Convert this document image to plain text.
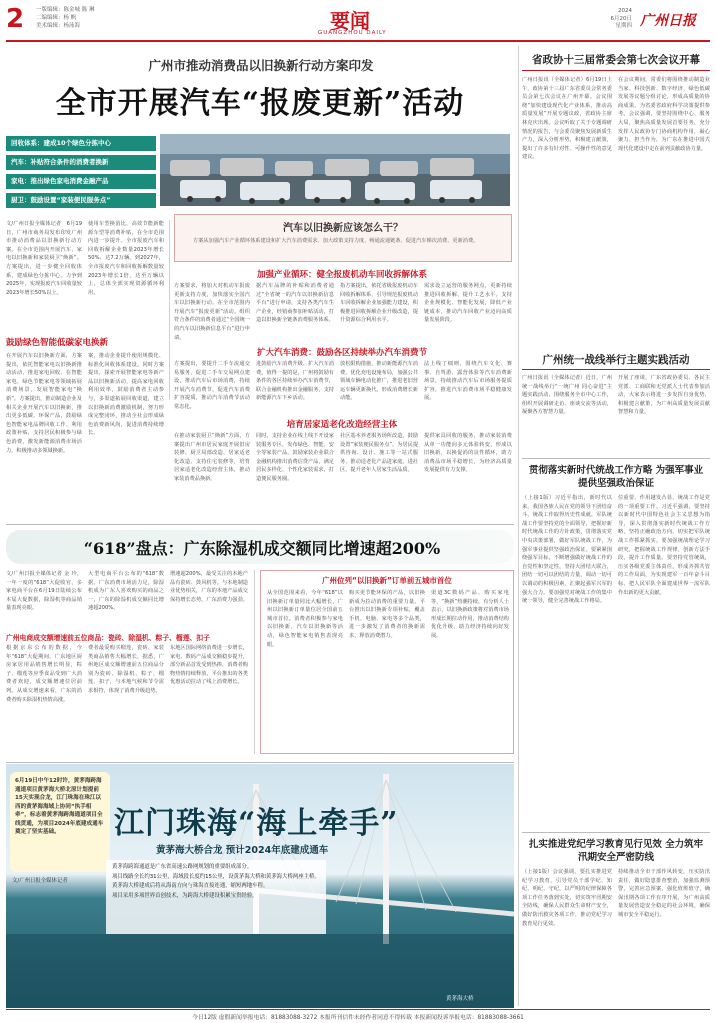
2 一版编辑：陈金城 陈 琳
二编编辑：杨 帆
美术编辑：杨泳海	要闻
GUANGZHOU DAILY
2024
6月20日
星期四 广州日报
广州市推动消费品以旧换新行动方案印发
全市开展汽车“报废更新”活动
回收体系：建成10个绿色分拣中心
汽车：补贴符合条件的消费者换新
家电：推出绿色家电消费金融产品
厨卫：鼓励设置“家装便民服务点”
文/广州日报全媒体记者　6月19日，广州市商务局发布印发广州市推动消费品以旧换新行动方案。在全市范围内开展汽车、家电以旧换新和家装厨卫“焕新”。方案提出，进一步健全回收体系，建成绿色分拣中心。力争到2025年，实现报废汽车回收量较2023年增长50%以上。
使用车型换消比，高效节能新能源车型等消费补贴，在全市范围内进一步提升。全市报废汽车和回收拆解企业数量2023年增长50%、达7.2万辆。到2027年，全市报废汽车和回收拆解数量较2023年增长1倍，达至万辆以上，总体全部实现资源循环利用。
鼓励绿色智能低碳家电换新
在开展汽车以旧换新方面，方案提出，依托智能家电以旧换新推动活动，推进家电回收、在智能家电、绿色节能家电等领域拓展消费场景，发展智能家电“换新”。方案提出，推动制造企业及相关企业开展汽车以旧换新，推出更多低碳、环保产品，鼓励绿色智能家电品牌回收工作、利用政策补贴，支持居民积极参与绿色消费，激发新能源消费市场活力，积极推动多领域换新。
案，推动企业提升使用规模化、标准化回收体系建设。同时方案提出，探索开展智能家电等新产品以旧换新活动，提高家电回收利用效率，鼓励消费者主动参与，多渠道拓展回收渠道，建立以旧换新消费激励机制，努力形成完整闭环，推动全社会形成绿色消费新风尚，促进消费持续增长。
汽车以旧换新应该怎么干？
方案从加强汽车产业循环体系建设和扩大汽车消费需求、加大政策支持力度、畅通流通链条、促进汽车梯次消费、更新消费。
加强产业循环：健全报废机动车回收拆解体系
方案要求，将加大对机动车报废更新支持力度，加快落实全国汽车以旧换新行动。在全市范围内开展汽车“报废更新”活动。组织符合条件的消费者通过“全国统一的汽车以旧换新信息平台”进行申请。
据汽车品牌的补贴和消费者通过“全省统一的汽车以旧换新信息平台”进行申请，支持各类汽车生产企业，经销商参加补贴活动，打造以旧换新全链条消费服务体系。
指方案提出，依托省级报废机动车回收拆解体系，引导规范报废机动车回收拆解企业加强能力建设，积极推进回收拆解企业升级改造，提升资源综合利用水平。
需求设立运营的服务网点，更新持续推进回收拆解、提升工艺水平。支持企业规模化、智能化发展，降低产业链成本，推动汽车回收产业迈向高质量发展阶段。
扩大汽车消费：鼓励各区持续举办汽车消费节
方案提出，要提升二手车流通交易服务，促进二手车交易网点建设，推动汽车后市场消费，持续开展汽车消费节，促进汽车消费扩容提质，推动汽车消费节活动常态化。
进鼓励汽车消费升级、扩大汽车消费。值得一提的是，广州将鼓励有条件的各区持续举办汽车消费节，联合金融机构推出金融服务，支持新能源汽车下乡活动。
放松限购措施，推动新能源汽车消费，优化充电设施布局，加强公共领域车辆电动化推广，推进老旧营运车辆更新换代，形成消费增长新动能。
法上线了细则，围绕汽车文化、赛事、自驾游、露营体验等汽车消费新场景，持续推动汽车后市场服务提质扩容，推进汽车消费市场平稳健康发展。
培育居家适老化改造经营主体
在推动家装厨卫“焕新”方面，方案提出广州市居民家庭开展旧房装修、厨卫局部改造、居家适老化改造、支持住宅装修等，培育居家适老化改造经营主体，推动家装消费品换新。
同时，支持企业在线上线下开设家装服务专区，发布绿色、智能、安全等家装产品，鼓励家装企业联合金融机构推出消费信贷产品，满足居民多样化、个性化家装需求，打造便民服务圈。
社区基本养老服务场所改造，鼓励设置“家装便民服务点”，为居民提供咨询、设计、施工等一站式服务，推动适老化产品进家庭、进社区，提升老年人居家生活品质。
提供家具回收的服务，推动家装消费从单一功能向多元体验转变，形成以旧换新、以换促消的良性循环，助力消费品市场平稳增长，为经济高质量发展提供有力支撑。
省政协十三届常委会第七次会议开幕
广州日报讯（全媒体记者）6月19日上午，政协第十三届广东省委员会常务委员会第七次会议在广州开幕。会议围绕“加快建设现代化产业体系，推动高质量发展”开展专题议政，省政协主席林克庆出席。会议听取了关于专题调研情况的报告，与会委员聚焦发展新质生产力，深入分析形势，积极建言献策，提出了许多有针对性、可操作性的意见建议。
在会议期间，常委们将围绕推动制造业当家、科技创新、数字经济、绿色低碳发展等议题分组讨论，形成高质量的协商成果，为省委省政府科学决策提供参考。会议强调，要坚持围绕中心、服务大局，聚焦高质量发展首要任务，充分发挥人民政协专门协商机构作用，凝心聚力、担当作为，为广东在推进中国式现代化建设中走在前列贡献政协力量。
广州统一战线举行主题实践活动
广州日报讯（全媒体记者）近日，广州统一战线举行“一统广州 同心奋进”主题实践活动，围绕服务全市中心工作，组织开展调研走访、座谈交流等活动，凝聚各方智慧力量。
开展了座谈，广东省政协委员、各民主党派、工商联和无党派人士代表参加活动，大家表示将进一步发挥自身优势，积极建言献策，为广州高质量发展贡献智慧和力量。
“618”盘点：广东除湿机成交额同比增速超200%
文/广州日报全媒体记者 金 玲。一年一度的“618”大促收官，多家电商平台在6月19日陆续公布本届大促数据，除湿机等商品销量表现亮眼。
大型电商平台公布的“618”数据，广东消费市场活力足，除湿机成为广东人喜欢购买的商品之一，广东的除湿机成交额同比增速超200%。
增速超200%，最受关注的本地产品有瓷砖、鼓风机等。与本地制造业优势相关，广东的本地产品成交保持增长态势，广东消费力强劲。
广州电商成交额增速前五位商品：瓷砖、除湿机、粽子、榴莲、扣子
根据京东公布的数据，今年“618”大促期间，广东地区厨房家居用品销售增长明显，粽子、榴莲等应季食品受到广大消费者欢迎，成交额增速位居前列。从成交增速来看，广东的消费者购买除湿机热情高涨。
费者最爱购买榴莲，瓷砖、家装类商品销售大幅增长，据悉，广州地区成交额增速前五位商品分别为瓷砖、除湿机、粽子、榴莲、扣子，与本地气候和节令需求相符，体现了消费升级趋势。
东地区国际网络消费进一步增长，家电、数码产品成交额稳步提升，部分新品首发受到热捧，消费者购物热情持续释放，平台推出的各类优惠活动拉动了线上消费增长。
广州位列“以旧换新”订单前五城市首位
从全国范围来看，今年“618”以旧换新订单量同比大幅增长，广州以旧换新订单量位居全国前五城市首位。消费者积极参与家电以旧换新、汽车以旧换新等活动，绿色智能家电销售表现亮眼。
购买更节能环保的产品，以旧换新成为拉动消费的重要力量。平台推出以旧换新专项补贴，覆盖手机、电脑、家电等多个品类，进一步激发了消费者的换新需求，释放消费潜力。
渠道3C数码产品、购买家电等，“换新”热潮持续。有分析人士表示，以旧换新政策将对消费市场形成长期拉动作用，推动消费结构优化升级，助力经济持续向好发展。
贯彻落实新时代统战工作方略 为强军事业提供坚强政治保证
（上接1版）习近平指出，新时代以来，我国各族人民在党的领导下团结奋斗，统战工作取得历史性成就。军队统战工作要坚持党的全面领导，把握好新时代统战工作的方针政策，贯彻落实党中央决策部署，做好军队统战工作，为强军事业提供坚强政治保证。要紧紧围绕强军目标，不断增强做好统战工作的自觉性和坚定性，坚持大团结大联合，团结一切可以团结的力量，调动一切可以调动的积极因素，汇聚起强军兴军的强大合力。要加强党对统战工作的集中统一领导，健全完善统战工作格局。
位重要、作用越发凸显，统战工作是党的一项重要工作。习近平强调，要坚持以新时代中国特色社会主义思想为指导，深入贯彻落实新时代统战工作方略，坚持正确政治方向，切实把军队统战工作抓紧抓实。要加强统战理论学习研究，把握统战工作规律，创新方法手段，提升工作质量。要坚持党管统战，压实各级党委主体责任，形成齐抓共管的工作局面，为实现建军一百年奋斗目标、把人民军队全面建成世界一流军队作出新的更大贡献。
扎实推进党纪学习教育见行见效 全力筑牢汛期安全严密防线
（上接1版）会议强调，要扎实推进党纪学习教育，引导党员干部学纪、知纪、明纪、守纪，以严明的纪律保障各项工作任务落到实处，切实筑牢汛期安全防线，确保人民群众生命财产安全，做好防汛救灾各项工作，推动党纪学习教育见行见效。
持续推动全市干部作风转变，压实防汛责任，做好隐患排查整治，加强监测预警，完善应急预案，强化值班值守，确保汛期各项工作有序开展，为广州高质量发展营造安全稳定的社会环境，确保城市安全平稳运行。
6月19日中午12时许，黄茅海跨海通道项目黄茅海大桥北原计划提前15天实现合龙，江门珠海在珠江以西的黄茅海海域上协同“执手相牵”，标志着黄茅海跨海通道项目全线贯通，为项目2024年底建成通车奠定了坚实基础。
文/广州日报全媒体记者
江门珠海“海上牵手”
黄茅海大桥合龙 预计2024年底建成通车
黄茅海跨海通道是广东省高速公路网规划的重要组成部分。
项目线路全长约31公里，海域段长度约15公里，设黄茅海大桥和黄茅海大桥两座主桥。
黄茅海大桥建成后将从海南方向与珠海直接连通，缩短两地车程。
项目采用多项世界首创技术，为跨海大桥建设积累宝贵经验。
黄茅海大桥
今日12版 虚假新闻举报电话：81883088-3272 本报所刊信件未经作者同意不得转载 本报新闻投诉举报电话：81883088-3661
